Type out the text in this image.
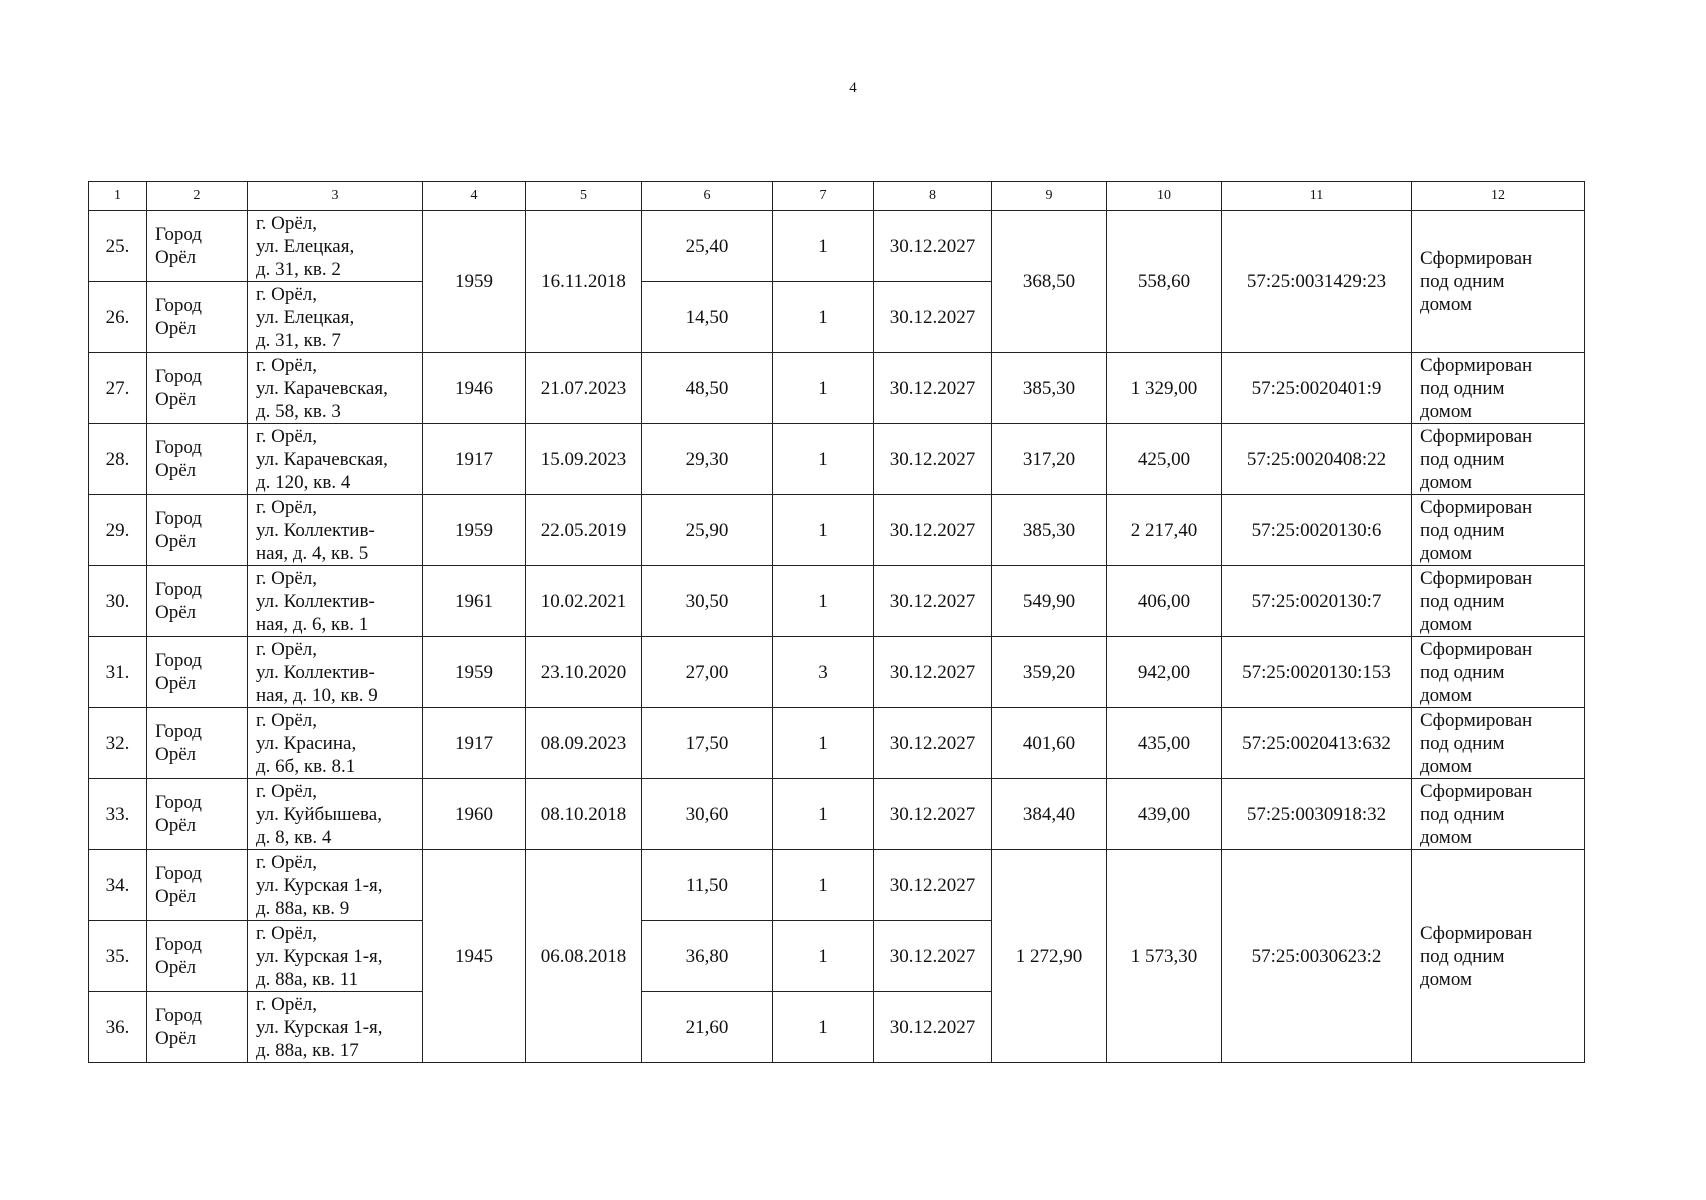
4
1	2	3	4	5	6	7	8	9	10	11	12
25.	Город
Орёл	г. Орёл,
ул. Елецкая,
д. 31, кв. 2	1959	16.11.2018	25,40	1	30.12.2027	368,50	558,60	57:25:0031429:23	Сформирован
под одним
домом

26.	Город
Орёл	г. Орёл,
ул. Елецкая,
д. 31, кв. 7			14,50	1	30.12.2027				
27.	Город
Орёл	г. Орёл,
ул. Карачевская,
д. 58, кв. 3	1946	21.07.2023	48,50	1	30.12.2027	385,30	1 329,00	57:25:0020401:9	Сформирован
под одним
домом

28.	Город
Орёл	г. Орёл,
ул. Карачевская,
д. 120, кв. 4	1917	15.09.2023	29,30	1	30.12.2027	317,20	425,00	57:25:0020408:22	Сформирован
под одним
домом

29.	Город
Орёл	г. Орёл,
ул. Коллектив-
ная, д. 4, кв. 5	1959	22.05.2019	25,90	1	30.12.2027	385,30	2 217,40	57:25:0020130:6	Сформирован
под одним
домом

30.	Город
Орёл	г. Орёл,
ул. Коллектив-
ная, д. 6, кв. 1	1961	10.02.2021	30,50	1	30.12.2027	549,90	406,00	57:25:0020130:7	Сформирован
под одним
домом

31.	Город
Орёл	г. Орёл,
ул. Коллектив-
ная, д. 10, кв. 9	1959	23.10.2020	27,00	3	30.12.2027	359,20	942,00	57:25:0020130:153	Сформирован
под одним
домом

32.	Город
Орёл	г. Орёл,
ул. Красина,
д. 6б, кв. 8.1	1917	08.09.2023	17,50	1	30.12.2027	401,60	435,00	57:25:0020413:632	Сформирован
под одним
домом

33.	Город
Орёл	г. Орёл,
ул. Куйбышева,
д. 8, кв. 4	1960	08.10.2018	30,60	1	30.12.2027	384,40	439,00	57:25:0030918:32	Сформирован
под одним
домом

34.	Город
Орёл	г. Орёл,
ул. Курская 1-я,
д. 88а, кв. 9	1945	06.08.2018	11,50	1	30.12.2027	1 272,90	1 573,30	57:25:0030623:2	Сформирован
под одним
домом

35.	Город
Орёл	г. Орёл,
ул. Курская 1-я,
д. 88а, кв. 11			36,80	1	30.12.2027				
36.	Город
Орёл	г. Орёл,
ул. Курская 1-я,
д. 88а, кв. 17			21,60	1	30.12.2027				
